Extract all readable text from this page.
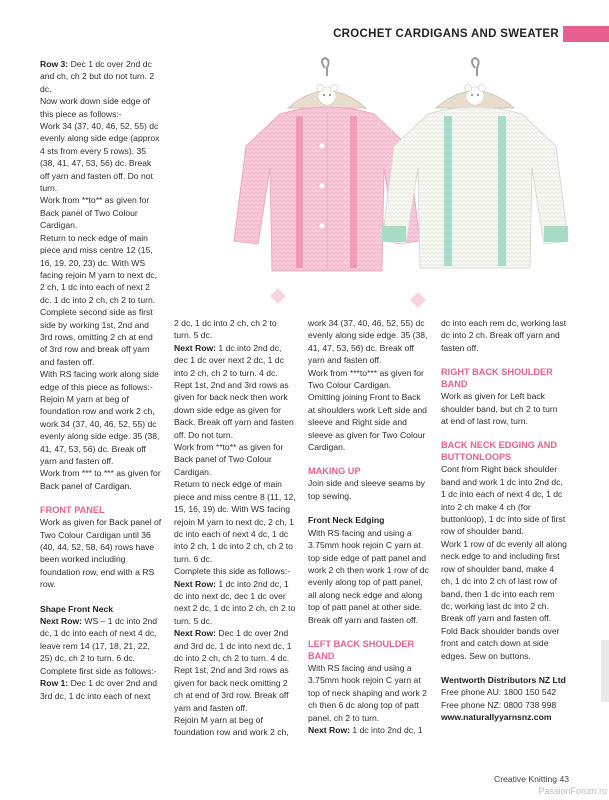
CROCHET CARDIGANS AND SWEATER

Row 3: Dec 1 dc over 2nd dc and ch, ch 2 but do not turn. 2 dc.

Now work down side edge of this piece as follows:-

Work 34 (37, 40, 46, 52, 55) dc evenly along side edge (approx 4 sts from every 5 rows). 35 (38, 41, 47, 53, 56) dc. Break off yarn and fasten off. Do not turn.

Work from **to** as given for Back panel of Two Colour Cardigan.

Return to neck edge of main piece and miss centre 12 (15, 16, 19, 20, 23) dc. With WS facing rejoin M yarn to next dc, 2 ch, 1 dc into each of next 2 dc. 1 dc into 2 ch, ch 2 to turn.

Complete second side as first side by working 1st, 2nd and 3rd rows, omitting 2 ch at end of 3rd row and break off yarn and fasten off.

With RS facing work along side edge of this piece as follows:-

Rejoin M yarn at beg of foundation row and work 2 ch, work 34 (37, 40, 46, 52, 55) dc evenly along side edge. 35 (38, 41, 47, 53, 56) dc. Break off yarn and fasten off.

Work from *** to *** as given for Back panel of Cardigan.

FRONT PANEL

Work as given for Back panel of Two Colour Cardigan until 36 (40, 44, 52, 58, 64) rows have been worked including foundation row, end with a RS row.

Shape Front Neck

Next Row: WS – 1 dc into 2nd dc, 1 dc into each of next 4 dc, leave rem 14 (17, 18, 21, 22, 25) dc, ch 2 to turn. 6 dc.

Complete first side as follows:-

Row 1: Dec 1 dc over 2nd and 3rd dc, 1 dc into each of next

2 dc, 1 dc into 2 ch, ch 2 to turn. 5 dc.

Next Row: 1 dc into 2nd dc, dec 1 dc over next 2 dc, 1 dc into 2 ch, ch 2 to turn. 4 dc.

Rept 1st, 2nd and 3rd rows as given for back neck then work down side edge as given for Back. Break off yarn and fasten off. Do not turn.

Work from **to** as given for Back panel of Two Colour Cardigan.

Return to neck edge of main piece and miss centre 8 (11, 12, 15, 16, 19) dc. With WS facing rejoin M yarn to next dc, 2 ch, 1 dc into each of next 4 dc, 1 dc into 2 ch, 1 dc into 2 ch, ch 2 to turn. 6 dc.

Complete this side as follows:-

Next Row: 1 dc into 2nd dc, 1 dc into next dc, dec 1 dc over next 2 dc, 1 dc into 2 ch, ch 2 to turn. 5 dc.

Next Row: Dec 1 dc over 2nd and 3rd dc, 1 dc into next dc, 1 dc into 2 ch, ch 2 to turn. 4 dc.

Rept 1st, 2nd and 3rd rows as given for back neck omitting 2 ch at end of 3rd row. Break off yarn and fasten off.

Rejoin M yarn at beg of foundation row and work 2 ch,

work 34 (37, 40, 46, 52, 55) dc evenly along side edge. 35 (38, 41, 47, 53, 56) dc. Break off yarn and fasten off.

Work from ***to*** as given for Two Colour Cardigan.

Omitting joining Front to Back at shoulders work Left side and sleeve and Right side and sleeve as given for Two Colour Cardigan.

MAKING UP

Join side and sleeve seams by top sewing.

Front Neck Edging

With RS facing and using a 3.75mm hook rejoin C yarn at top side edge of patt panel and work 2 ch then work 1 row of dc evenly along top of patt panel, all along neck edge and along top of patt panel at other side. Break off yarn and fasten off.

LEFT BACK SHOULDER BAND

With RS facing and using a 3.75mm hook rejoin C yarn at top of neck shaping and work 2 ch then 6 dc along top of patt panel, ch 2 to turn.

Next Row: 1 dc into 2nd dc, 1

dc into each rem dc, working last dc into 2 ch. Break off yarn and fasten off.

RIGHT BACK SHOULDER BAND

Work as given for Left back shoulder band, but ch 2 to turn at end of last row, turn.

BACK NECK EDGING AND BUTTONLOOPS

Cont from Right back shoulder band and work 1 dc into 2nd dc, 1 dc into each of next 4 dc, 1 dc into 2 ch make 4 ch (for buttonloop), 1 dc into side of first row of shoulder band.

Work 1 row of dc evenly all along neck edge to and including first row of shoulder band, make 4 ch, 1 dc into 2 ch of last row of band, then 1 dc into each rem dc, working last dc into 2 ch. Break off yarn and fasten off.

Fold Back shoulder bands over front and catch down at side edges. Sew on buttons.

Wentworth Distributors NZ Ltd

Free phone AU: 1800 150 542

Free phone NZ: 0800 738 998

www.naturallyyarnsnz.com

Creative Knitting 43
PassionForum.ru
